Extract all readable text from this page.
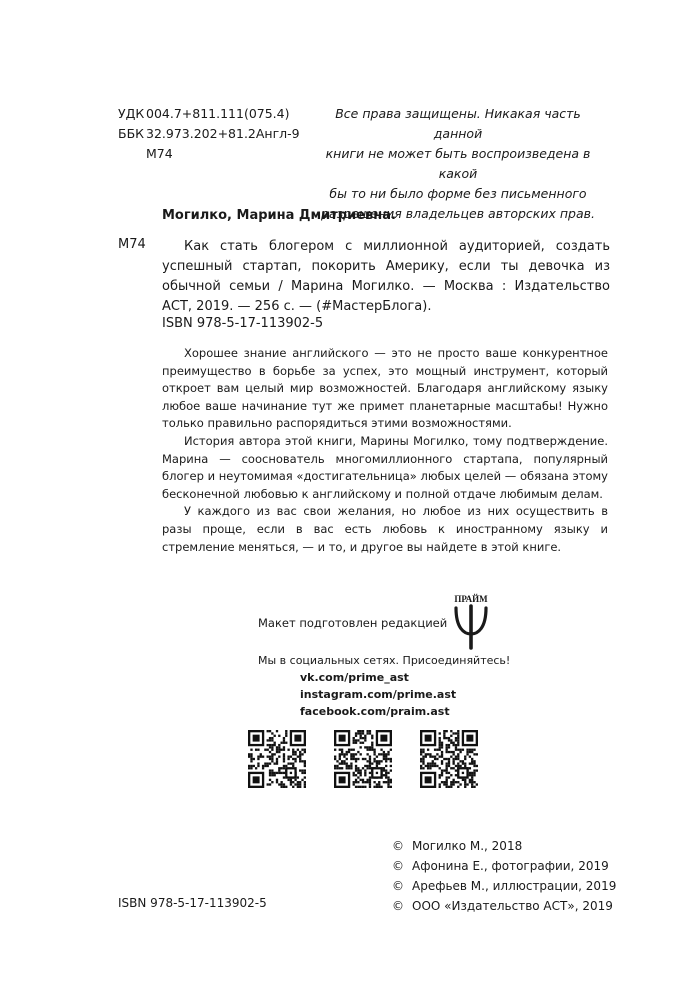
УДК 004.7+811.111(075.4)
ББК 32.973.202+81.2Англ-9
М74
Все права защищены. Никакая часть данной
книги не может быть воспроизведена в какой
бы то ни было форме без письменного
разрешения владельцев авторских прав.
Могилко, Марина Дмитриевна.
М74	Как стать блогером с миллионной аудиторией, создать успешный стартап, покорить Америку, если ты девочка из обычной семьи / Марина Могилко. — Москва : Издательство АСТ, 2019. — 256 с. — (#МастерБлога).
ISBN 978-5-17-113902-5

Хорошее знание английского — это не просто ваше конкурентное преимущество в борьбе за успех, это мощный инструмент, который откроет вам целый мир возможностей. Благодаря английскому языку любое ваше начинание тут же примет планетарные масштабы! Нужно только правильно распорядиться этими возможностями.

История автора этой книги, Марины Могилко, тому подтверждение. Марина — сооснователь многомиллионного стартапа, популярный блогер и неутомимая «достигательница» любых целей — обязана этому бесконечной любовью к английскому и полной отдаче любимым делам.

У каждого из вас свои желания, но любое из них осуществить в разы проще, если в вас есть любовь к иностранному языку и стремление меняться, — и то, и другое вы найдете в этой книге.

Макет подготовлен редакцией
ПРАЙМ
Мы в социальных сетях. Присоединяйтесь!
vk.com/prime_ast
instagram.com/prime.ast
facebook.com/praim.ast
© Могилко М., 2018
© Афонина Е., фотографии, 2019
© Арефьев М., иллюстрации, 2019
© ООО «Издательство АСТ», 2019
ISBN 978-5-17-113902-5
